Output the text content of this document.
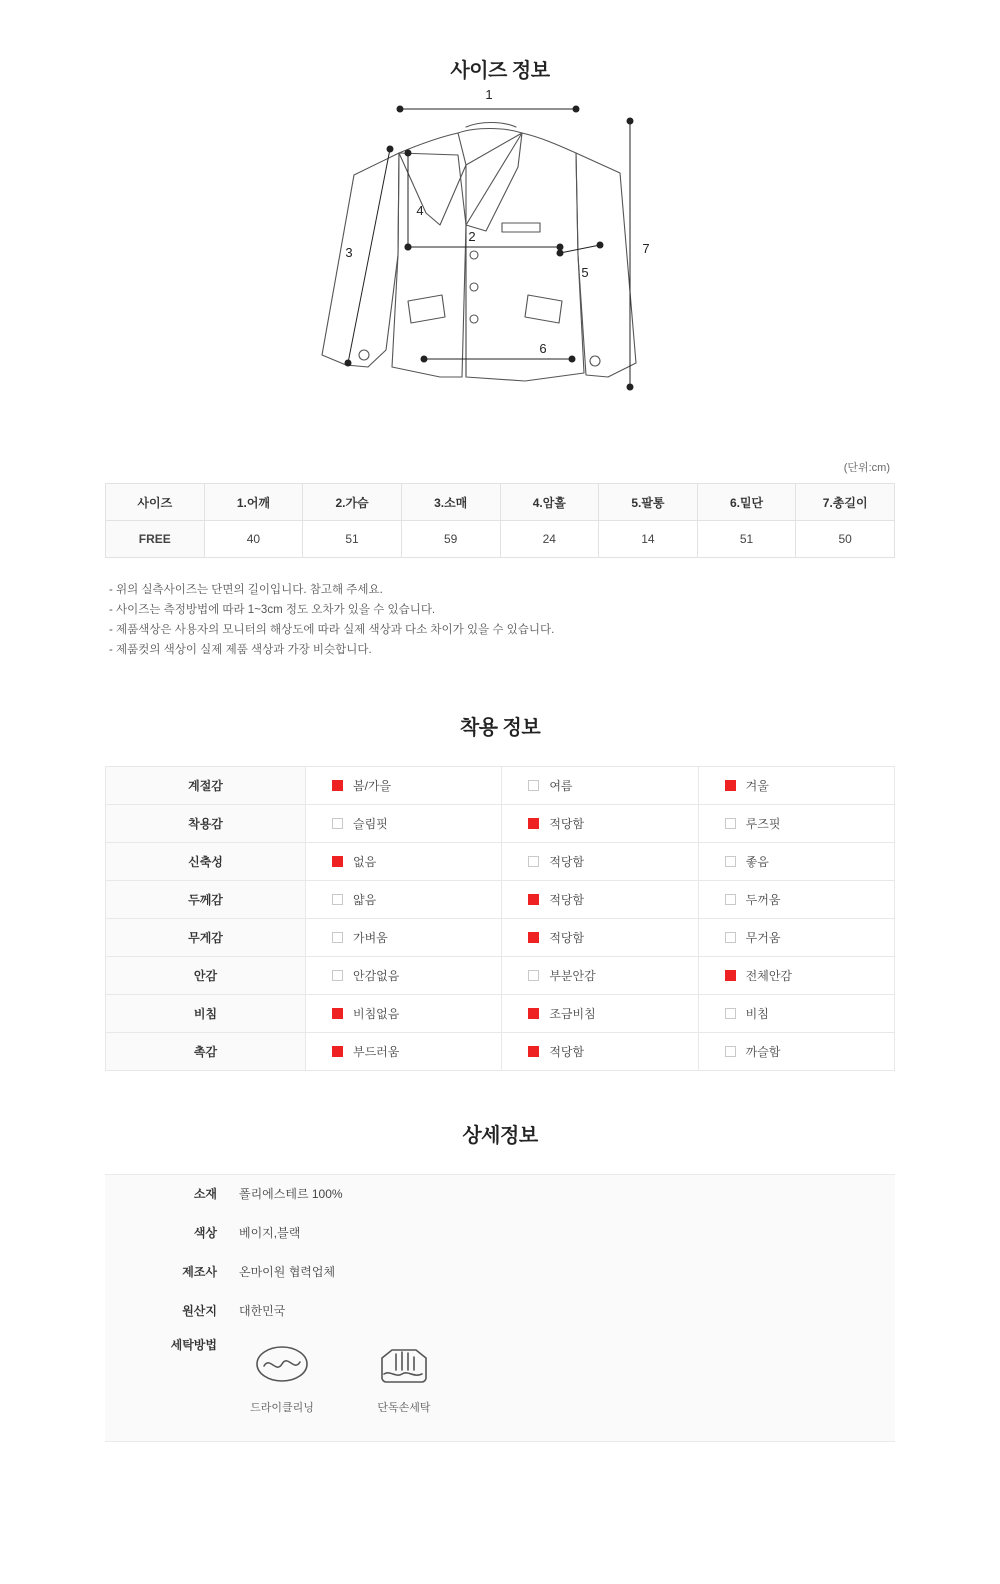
사이즈 정보
1
2
3
4
5
6
7
(단위:cm)
사이즈	1.어깨	2.가슴	3.소매	4.암홀	5.팔통	6.밑단	7.총길이
FREE	40	51	59	24	14	51	50
- 위의 실측사이즈는 단면의 길이입니다. 참고해 주세요.
- 사이즈는 측정방법에 따라 1~3cm 정도 오차가 있을 수 있습니다.
- 제품색상은 사용자의 모니터의 해상도에 따라 실제 색상과 다소 차이가 있을 수 있습니다.
- 제품컷의 색상이 실제 제품 색상과 가장 비슷합니다.
착용 정보
계절감	봄/가을	여름	겨울

착용감	슬림핏	적당함	루즈핏

신축성	없음	적당함	좋음

두께감	얇음	적당함	두꺼움

무게감	가벼움	적당함	무거움

안감	안감없음	부분안감	전체안감

비침	비침없음	조금비침	비침

촉감	부드러움	적당함	까슬함
상세정보
소재	폴리에스테르 100%
색상	베이지,블랙
제조사	온마이원 협력업체
원산지	대한민국
세탁방법	드라이클리닝 단독손세탁
